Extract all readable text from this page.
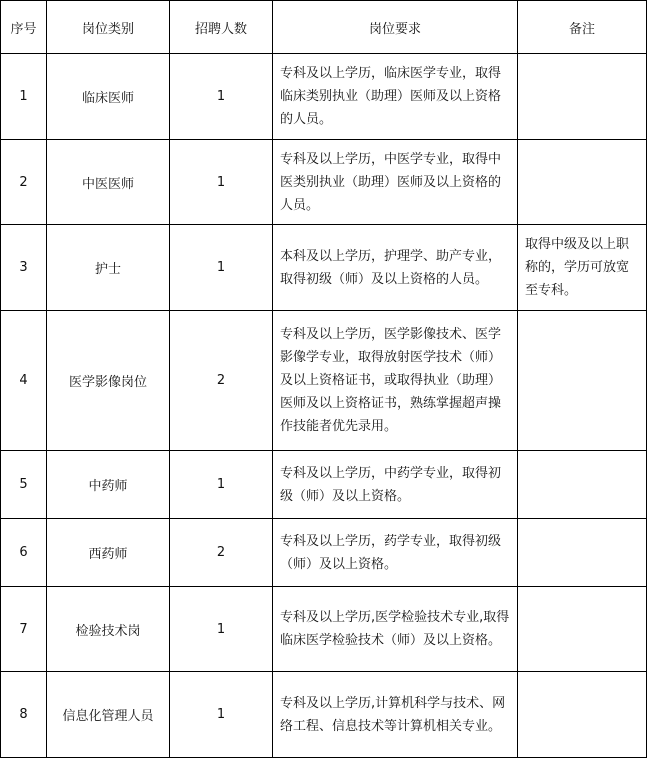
序号	岗位类别	招聘人数	岗位要求	备注
1	临床医师	1	专科及以上学历，临床医学专业，取得临床类别执业（助理）医师及以上资格的人员。	
2	中医医师	1	专科及以上学历，中医学专业，取得中医类别执业（助理）医师及以上资格的人员。	
3	护士	1	本科及以上学历，护理学、助产专业，取得初级（师）及以上资格的人员。	取得中级及以上职称的，学历可放宽至专科。
4	医学影像岗位	2	专科及以上学历，医学影像技术、医学影像学专业，取得放射医学技术（师）及以上资格证书，或取得执业（助理）医师及以上资格证书，熟练掌握超声操作技能者优先录用。	
5	中药师	1	专科及以上学历，中药学专业，取得初级（师）及以上资格。	
6	西药师	2	专科及以上学历，药学专业，取得初级（师）及以上资格。	
7	检验技术岗	1	专科及以上学历,医学检验技术专业,取得临床医学检验技术（师）及以上资格。	
8	信息化管理人员	1	专科及以上学历,计算机科学与技术、网络工程、信息技术等计算机相关专业。	
